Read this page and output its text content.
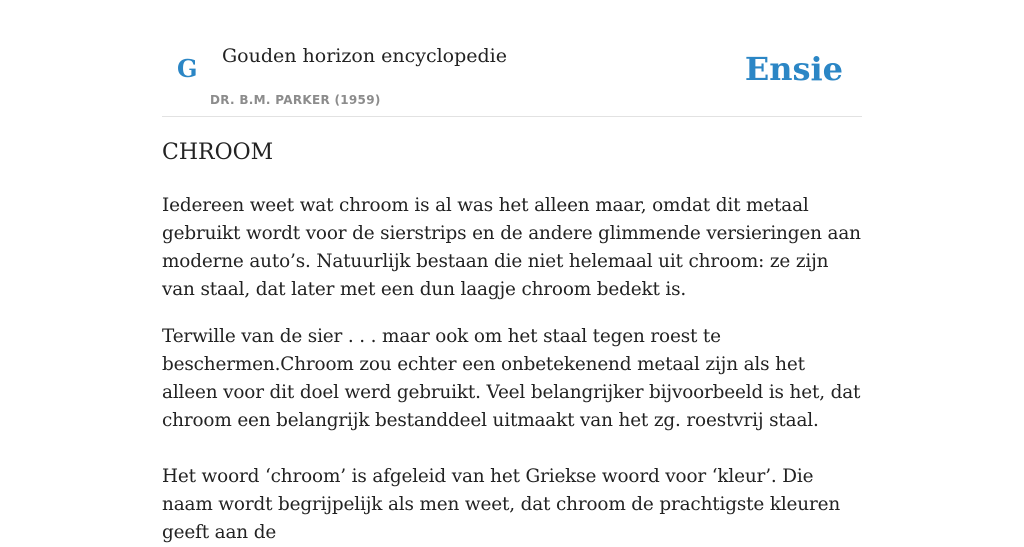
G Gouden horizon encyclopedie
DR. B.M. PARKER (1959)
Ensie
CHROOM

Iedereen weet wat chroom is al was het alleen maar, omdat dit metaal gebruikt wordt voor de sierstrips en de andere glimmende versieringen aan moderne auto’s. Natuurlijk bestaan die niet helemaal uit chroom: ze zijn van staal, dat later met een dun laagje chroom bedekt is.

Terwille van de sier . . . maar ook om het staal tegen roest te beschermen.Chroom zou echter een onbetekenend metaal zijn als het alleen voor dit doel werd gebruikt. Veel belangrijker bijvoorbeeld is het, dat chroom een belangrijk bestanddeel uitmaakt van het zg. roestvrij staal.

Het woord ‘chroom’ is afgeleid van het Griekse woord voor ‘kleur’. Die naam wordt begrijpelijk als men weet, dat chroom de prachtigste kleuren geeft aan de
